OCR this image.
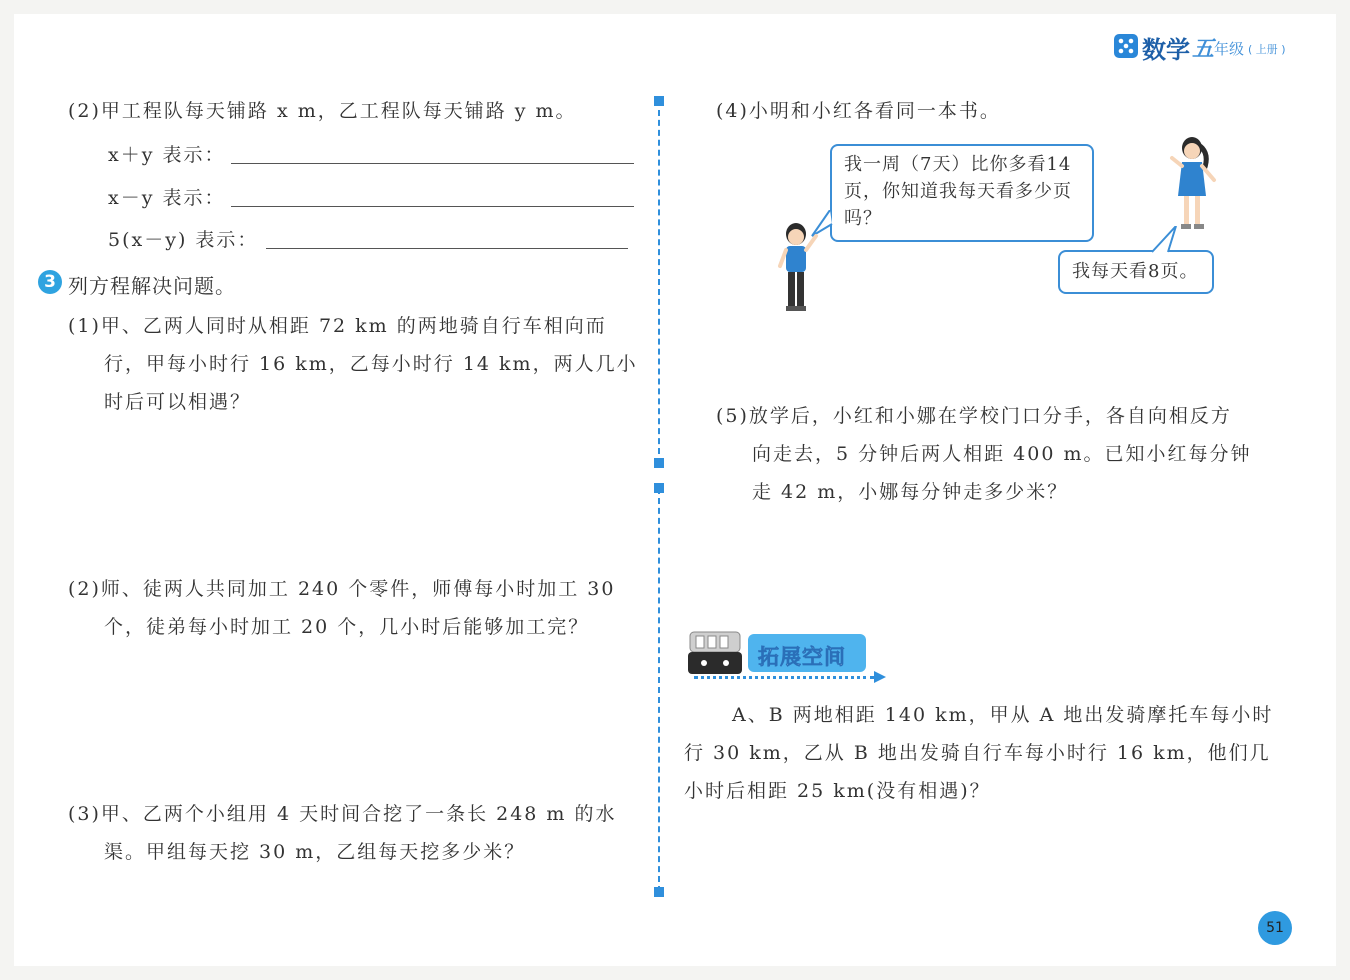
数学 五 年级 ( 上册 )
(2)甲工程队每天铺路 x m，乙工程队每天铺路 y m。
x＋y 表示：
x－y 表示：
5(x－y) 表示：
3 列方程解决问题。
(1)甲、乙两人同时从相距 72 km 的两地骑自行车相向而
行，甲每小时行 16 km，乙每小时行 14 km，两人几小
时后可以相遇？
(2)师、徒两人共同加工 240 个零件，师傅每小时加工 30
个，徒弟每小时加工 20 个，几小时后能够加工完？
(3)甲、乙两个小组用 4 天时间合挖了一条长 248 m 的水
渠。甲组每天挖 30 m，乙组每天挖多少米？
(4)小明和小红各看同一本书。
我一周（7天）比你多看14页，你知道我每天看多少页吗？
我每天看8页。
(5)放学后，小红和小娜在学校门口分手，各自向相反方
向走去，5 分钟后两人相距 400 m。已知小红每分钟
走 42 m，小娜每分钟走多少米？
拓展空间
A、B 两地相距 140 km，甲从 A 地出发骑摩托车每小时
行 30 km，乙从 B 地出发骑自行车每小时行 16 km，他们几
小时后相距 25 km(没有相遇)？
51
